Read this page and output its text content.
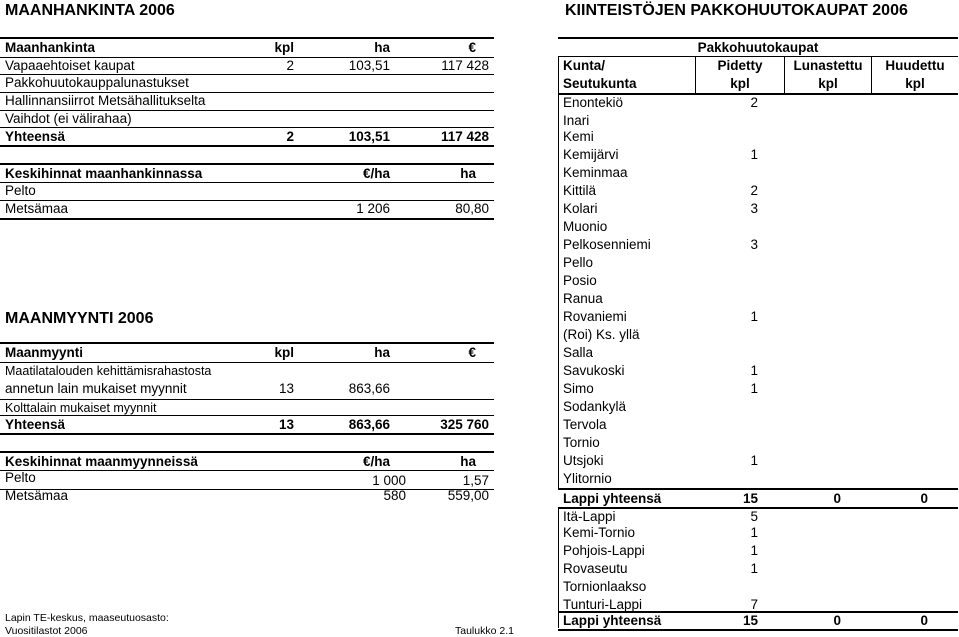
MAANHANKINTA 2006
Maanhankinta	kpl	ha	€
Vapaaehtoiset kaupat	2	103,51	117 428
Pakkohuutokauppalunastukset
Hallinnansiirrot Metsähallitukselta
Vaihdot (ei välirahaa)
Yhteensä	2	103,51	117 428
Keskihinnat maanhankinnassa	€/ha	ha
Pelto
Metsämaa	1 206	80,80
MAANMYYNTI 2006
Maanmyynti	kpl	ha	€
Maatilatalouden kehittämisrahastosta
annetun lain mukaiset myynnit	13	863,66
Kolttalain mukaiset myynnit
Yhteensä	13	863,66	325 760
Keskihinnat maanmyynneissä	€/ha	ha
Pelto	1 000	1,57
Metsämaa	580	559,00
Lapin TE-keskus, maaseutuosasto:
Vuositilastot 2006	Taulukko 2.1
KIINTEISTÖJEN PAKKOHUUTOKAUPAT 2006
Pakkohuutokaupat
Kunta/	Pidetty	Lunastettu	Huudettu
Seutukunta	kpl	kpl	kpl
Enontekiö	2
Inari
Kemi
Kemijärvi	1
Keminmaa
Kittilä	2
Kolari	3
Muonio
Pelkosenniemi	3
Pello
Posio
Ranua
Rovaniemi	1
(Roi) Ks. yllä
Salla
Savukoski	1
Simo	1
Sodankylä
Tervola
Tornio
Utsjoki	1
Ylitornio
Lappi yhteensä	15	0	0
Itä-Lappi	5
Kemi-Tornio	1
Pohjois-Lappi	1
Rovaseutu	1
Tornionlaakso
Tunturi-Lappi	7
Lappi yhteensä	15	0	0
